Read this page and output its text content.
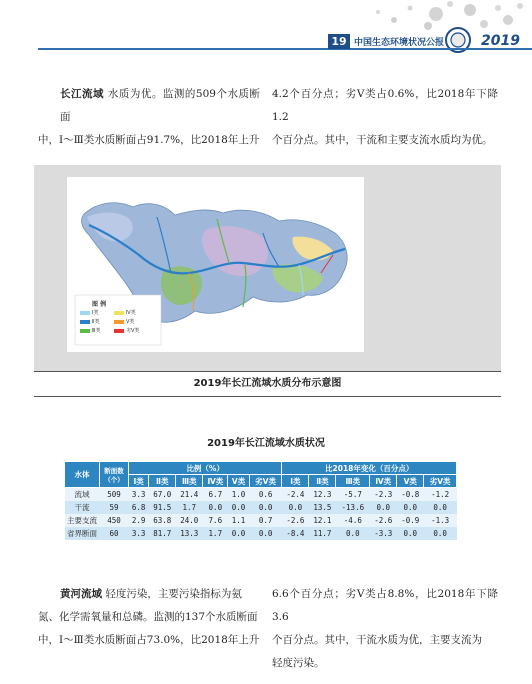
19 中国生态环境状况公报	2019
长江流域 水质为优。监测的509个水质断面
中，Ⅰ～Ⅲ类水质断面占91.7%，比2018年上升
4.2个百分点；劣Ⅴ类占0.6%，比2018年下降1.2
个百分点。其中，干流和主要支流水质均为优。
图 例
Ⅰ类
Ⅱ类
Ⅲ类
Ⅳ类
Ⅴ类
劣Ⅴ类
2019年长江流域水质分布示意图
2019年长江流域水质状况
水体	断面数（个）	比例（%）						比2018年变化（百分点）					
		Ⅰ类	Ⅱ类	Ⅲ类	Ⅳ类	Ⅴ类	劣Ⅴ类	Ⅰ类	Ⅱ类	Ⅲ类	Ⅳ类	Ⅴ类	劣Ⅴ类
流域	509	3.3	67.0	21.4	6.7	1.0	0.6	-2.4	12.3	-5.7	-2.3	-0.8	-1.2
干流	59	6.8	91.5	1.7	0.0	0.0	0.0	0.0	13.5	-13.6	0.0	0.0	0.0
主要支流	450	2.9	63.8	24.0	7.6	1.1	0.7	-2.6	12.1	-4.6	-2.6	-0.9	-1.3
省界断面	60	3.3	81.7	13.3	1.7	0.0	0.0	-8.4	11.7	0.0	-3.3	0.0	0.0
黄河流域 轻度污染，主要污染指标为氨
氮、化学需氧量和总磷。监测的137个水质断面
中，Ⅰ～Ⅲ类水质断面占73.0%，比2018年上升
6.6个百分点；劣Ⅴ类占8.8%，比2018年下降3.6
个百分点。其中，干流水质为优，主要支流为
轻度污染。
